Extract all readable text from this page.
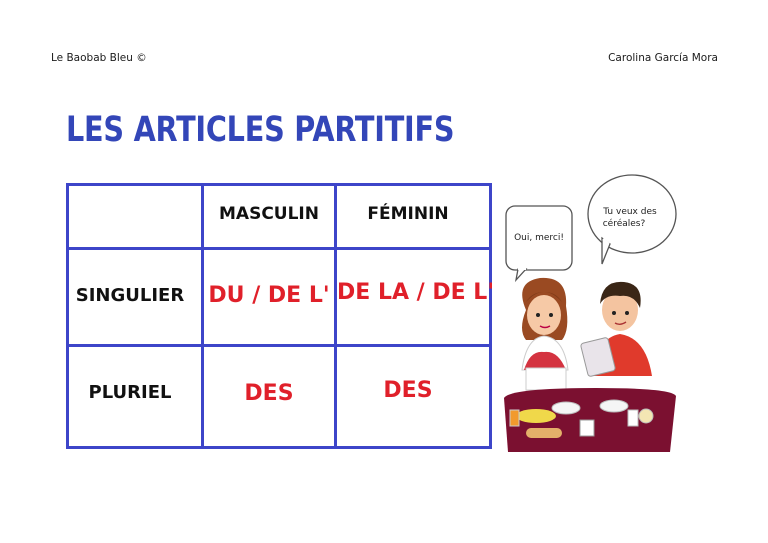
Le Baobab Bleu ©	Carolina García Mora
LES ARTICLES PARTITIFS

	MASCULIN	FÉMININ

SINGULIER	DU / DE L'	DE LA / DE L'

PLURIEL	DES	DES
Oui, merci!
Tu veux des
céréales?
